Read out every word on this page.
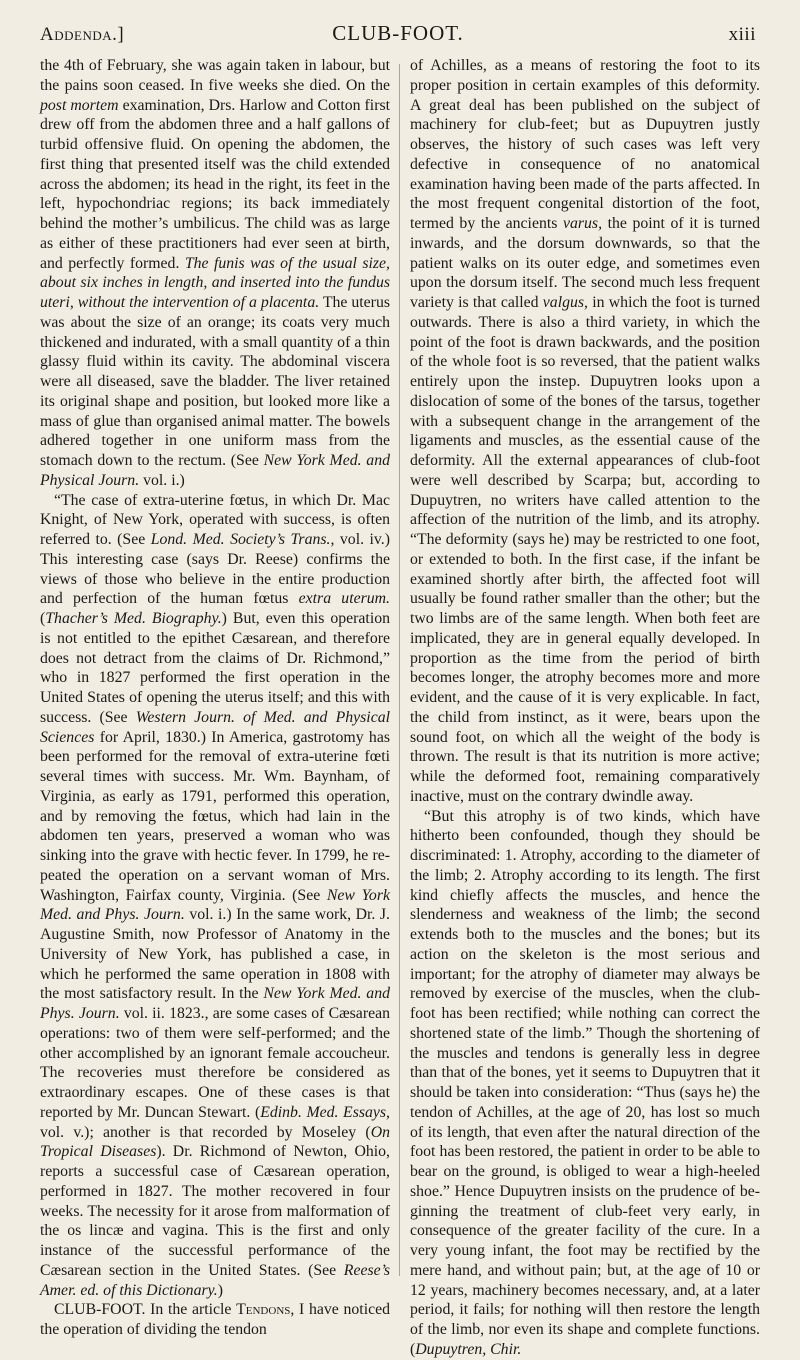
Addenda.]	CLUB-FOOT.	xiii

the 4th of February, she was again taken in labour, but the pains soon ceased. In five weeks she died. On the post mortem examination, Drs. Harlow and Cotton first drew off from the abdomen three and a half gallons of turbid offensive fluid. On opening the abdomen, the first thing that presented itself was the child extended across the abdomen; its head in the right, its feet in the left, hypochondriac regions; its back immediately behind the mother’s umbilicus. The child was as large as either of these practitioners had ever seen at birth, and perfectly formed. The funis was of the usual size, about six inches in length, and inserted into the fundus uteri, without the intervention of a placenta. The uterus was about the size of an orange; its coats very much thickened and indurated, with a small quantity of a thin glassy fluid within its cavity. The abdominal viscera were all diseased, save the bladder. The liver retained its original shape and position, but looked more like a mass of glue than organised animal matter. The bowels adhered together in one uniform mass from the stomach down to the rectum. (See New York Med. and Physical Journ. vol. i.)

“The case of extra-uterine fœtus, in which Dr. Mac Knight, of New York, operated with success, is often referred to. (See Lond. Med. Society’s Trans., vol. iv.) This interesting case (says Dr. Reese) confirms the views of those who believe in the entire production and perfection of the human fœtus extra uterum. (Thacher’s Med. Biography.) But, even this operation is not entitled to the epithet Cæsarean, and therefore does not detract from the claims of Dr. Richmond,” who in 1827 performed the first operation in the United States of opening the uterus itself; and this with success. (See Western Journ. of Med. and Physical Sciences for April, 1830.) In America, gastrotomy has been performed for the removal of extra-uterine fœti several times with success. Mr. Wm. Baynham, of Virginia, as early as 1791, performed this operation, and by removing the fœtus, which had lain in the abdomen ten years, preserved a woman who was sinking into the grave with hectic fever. In 1799, he repeated the operation on a servant woman of Mrs. Washington, Fairfax county, Virginia. (See New York Med. and Phys. Journ. vol. i.) In the same work, Dr. J. Augustine Smith, now Professor of Anatomy in the University of New York, has published a case, in which he performed the same operation in 1808 with the most satisfactory result. In the New York Med. and Phys. Journ. vol. ii. 1823., are some cases of Cæsarean operations: two of them were self-performed; and the other accomplished by an ignorant female accoucheur. The recoveries must therefore be considered as extraordinary escapes. One of these cases is that reported by Mr. Duncan Stewart. (Edinb. Med. Essays, vol. v.); another is that recorded by Moseley (On Tropical Diseases). Dr. Richmond of Newton, Ohio, reports a successful case of Cæsarean operation, performed in 1827. The mother recovered in four weeks. The necessity for it arose from malformation of the os lincæ and vagina. This is the first and only instance of the successful performance of the Cæsarean section in the United States. (See Reese’s Amer. ed. of this Dictionary.)

CLUB-FOOT. In the article Tendons, I have noticed the operation of dividing the tendon

of Achilles, as a means of restoring the foot to its proper position in certain examples of this deformity. A great deal has been published on the subject of machinery for club-feet; but as Dupuytren justly observes, the history of such cases was left very defective in consequence of no anatomical examination having been made of the parts affected. In the most frequent congenital distortion of the foot, termed by the ancients varus, the point of it is turned inwards, and the dorsum downwards, so that the patient walks on its outer edge, and sometimes even upon the dorsum itself. The second much less frequent variety is that called valgus, in which the foot is turned outwards. There is also a third variety, in which the point of the foot is drawn backwards, and the position of the whole foot is so reversed, that the patient walks entirely upon the instep. Dupuytren looks upon a dislocation of some of the bones of the tarsus, together with a subsequent change in the arrangement of the ligaments and muscles, as the essential cause of the deformity. All the external appearances of club-foot were well described by Scarpa; but, according to Dupuytren, no writers have called attention to the affection of the nutrition of the limb, and its atrophy. “The deformity (says he) may be restricted to one foot, or extended to both. In the first case, if the infant be examined shortly after birth, the affected foot will usually be found rather smaller than the other; but the two limbs are of the same length. When both feet are implicated, they are in general equally developed. In proportion as the time from the period of birth becomes longer, the atrophy becomes more and more evident, and the cause of it is very explicable. In fact, the child from instinct, as it were, bears upon the sound foot, on which all the weight of the body is thrown. The result is that its nutrition is more active; while the deformed foot, remaining comparatively inactive, must on the contrary dwindle away.

“But this atrophy is of two kinds, which have hitherto been confounded, though they should be discriminated: 1. Atrophy, according to the diameter of the limb; 2. Atrophy according to its length. The first kind chiefly affects the muscles, and hence the slenderness and weakness of the limb; the second extends both to the muscles and the bones; but its action on the skeleton is the most serious and important; for the atrophy of diameter may always be removed by exercise of the muscles, when the club-foot has been rectified; while nothing can correct the shortened state of the limb.” Though the shortening of the muscles and tendons is generally less in degree than that of the bones, yet it seems to Dupuytren that it should be taken into consideration: “Thus (says he) the tendon of Achilles, at the age of 20, has lost so much of its length, that even after the natural direction of the foot has been restored, the patient in order to be able to bear on the ground, is obliged to wear a high-heeled shoe.” Hence Dupuytren insists on the prudence of beginning the treatment of club-feet very early, in consequence of the greater facility of the cure. In a very young infant, the foot may be rectified by the mere hand, and without pain; but, at the age of 10 or 12 years, machinery becomes necessary, and, at a later period, it fails; for nothing will then restore the length of the limb, nor even its shape and complete functions. (Dupuytren, Chir.
